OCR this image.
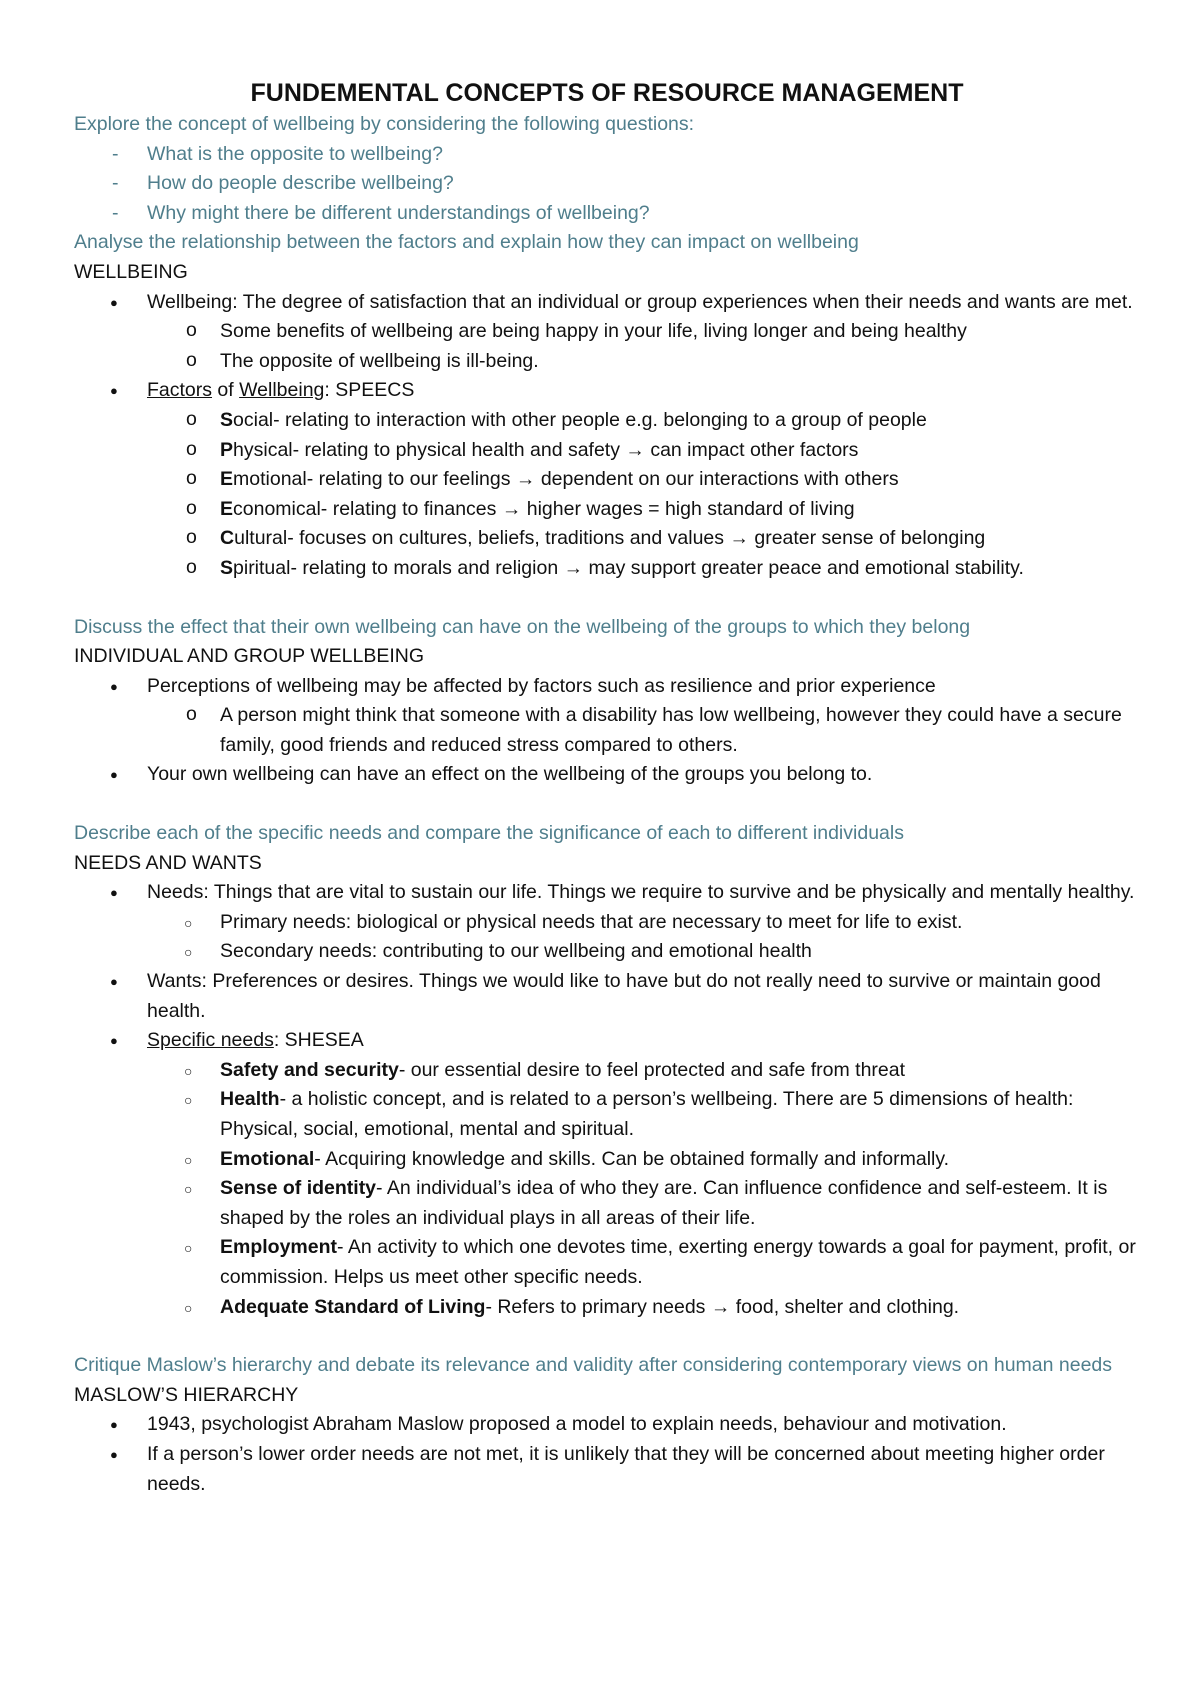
FUNDEMENTAL CONCEPTS OF RESOURCE MANAGEMENT

Explore the concept of wellbeing by considering the following questions:

- What is the opposite to wellbeing?
- How do people describe wellbeing?
- Why might there be different understandings of wellbeing?

Analyse the relationship between the factors and explain how they can impact on wellbeing

WELLBEING

● Wellbeing: The degree of satisfaction that an individual or group experiences when their needs and wants are met.
o Some benefits of wellbeing are being happy in your life, living longer and being healthy
o The opposite of wellbeing is ill-being.
● Factors of Wellbeing: SPEECS
o Social- relating to interaction with other people e.g. belonging to a group of people
o Physical- relating to physical health and safety → can impact other factors
o Emotional- relating to our feelings → dependent on our interactions with others
o Economical- relating to finances → higher wages = high standard of living
o Cultural- focuses on cultures, beliefs, traditions and values → greater sense of belonging
o Spiritual- relating to morals and religion → may support greater peace and emotional stability.

Discuss the effect that their own wellbeing can have on the wellbeing of the groups to which they belong

INDIVIDUAL AND GROUP WELLBEING

● Perceptions of wellbeing may be affected by factors such as resilience and prior experience
o A person might think that someone with a disability has low wellbeing, however they could have a secure family, good friends and reduced stress compared to others.
● Your own wellbeing can have an effect on the wellbeing of the groups you belong to.

Describe each of the specific needs and compare the significance of each to different individuals

NEEDS AND WANTS

● Needs: Things that are vital to sustain our life. Things we require to survive and be physically and mentally healthy.
○ Primary needs: biological or physical needs that are necessary to meet for life to exist.
○ Secondary needs: contributing to our wellbeing and emotional health
● Wants: Preferences or desires. Things we would like to have but do not really need to survive or maintain good health.
● Specific needs: SHESEA
○ Safety and security- our essential desire to feel protected and safe from threat
○ Health- a holistic concept, and is related to a person’s wellbeing. There are 5 dimensions of health: Physical, social, emotional, mental and spiritual.
○ Emotional- Acquiring knowledge and skills. Can be obtained formally and informally.
○ Sense of identity- An individual’s idea of who they are. Can influence confidence and self-esteem. It is shaped by the roles an individual plays in all areas of their life.
○ Employment- An activity to which one devotes time, exerting energy towards a goal for payment, profit, or commission. Helps us meet other specific needs.
○ Adequate Standard of Living- Refers to primary needs → food, shelter and clothing.

Critique Maslow’s hierarchy and debate its relevance and validity after considering contemporary views on human needs

MASLOW’S HIERARCHY

● 1943, psychologist Abraham Maslow proposed a model to explain needs, behaviour and motivation.
● If a person’s lower order needs are not met, it is unlikely that they will be concerned about meeting higher order needs.
